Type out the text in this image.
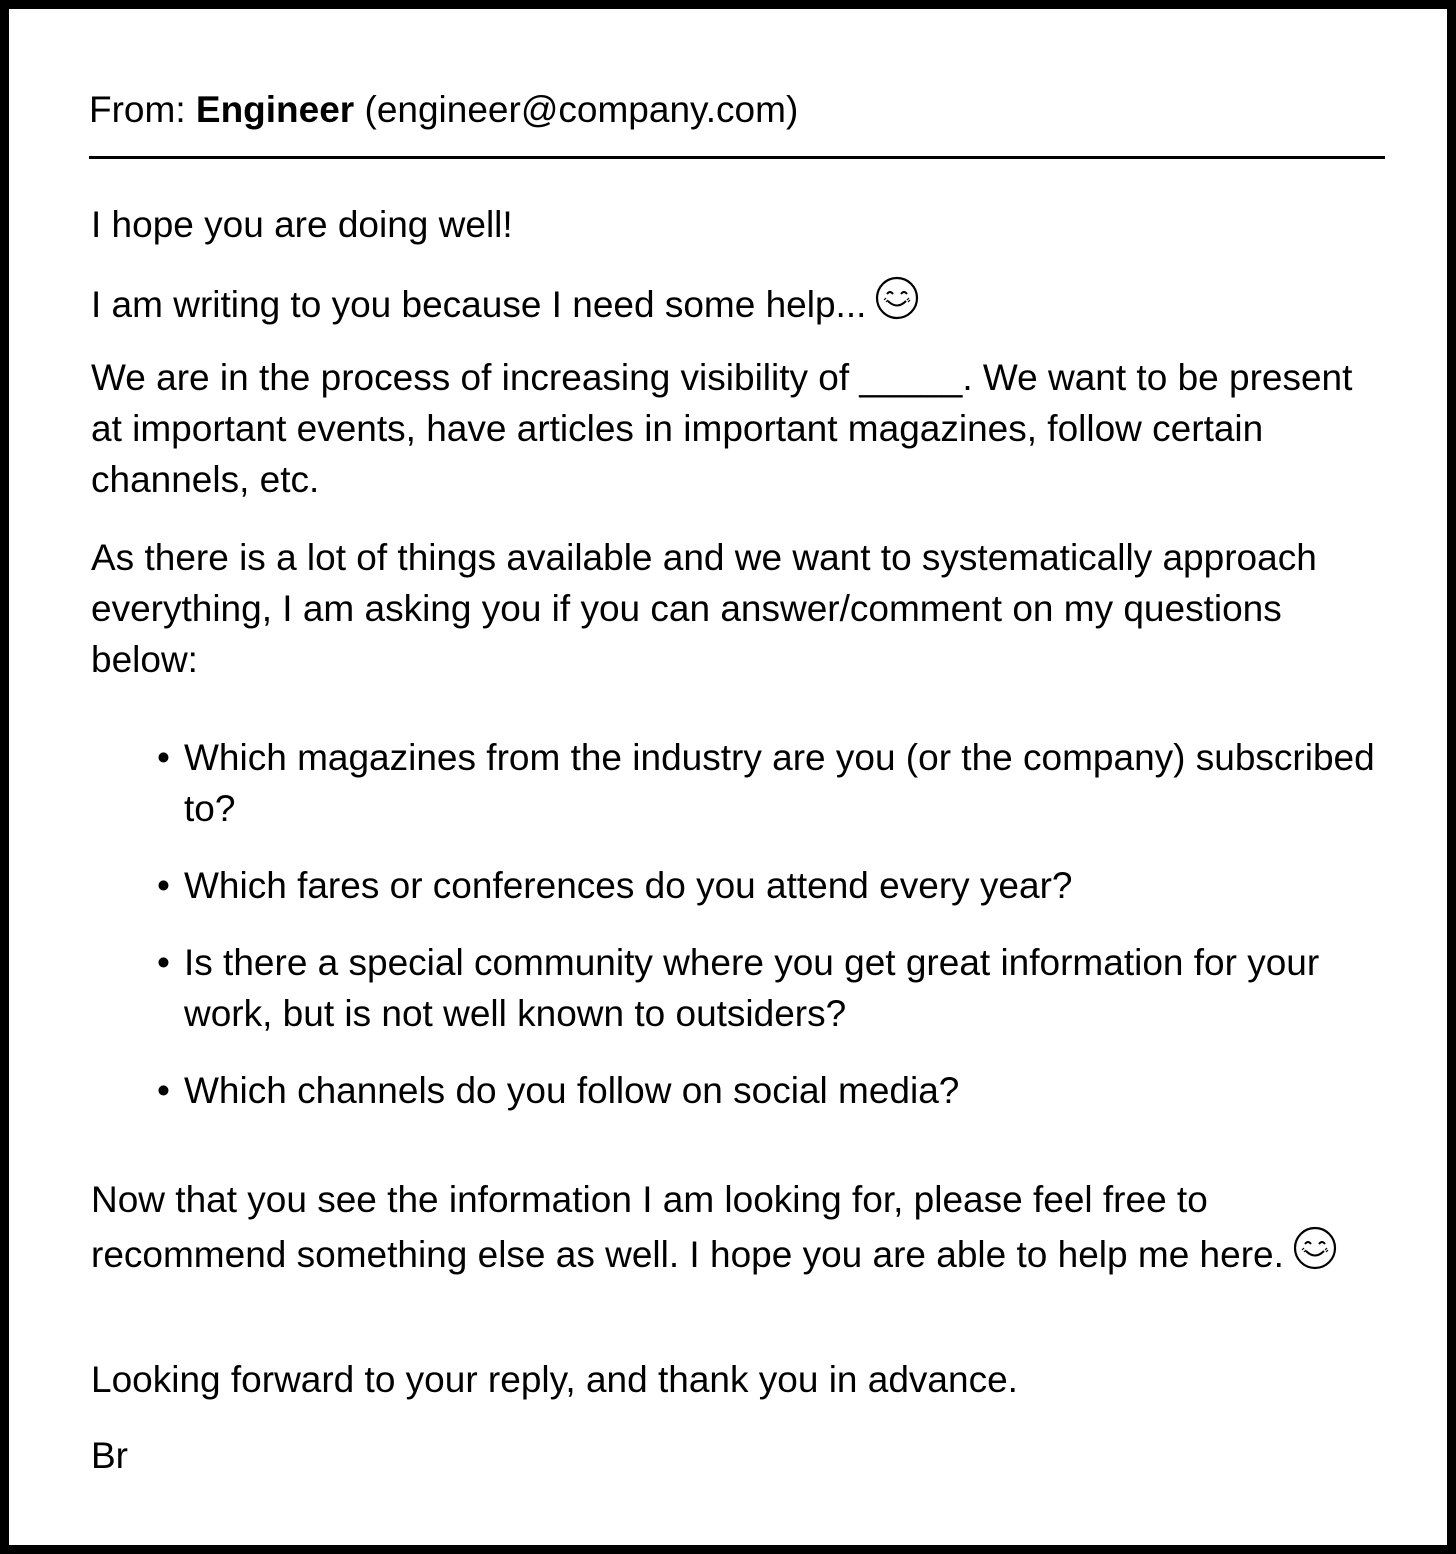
From: Engineer (engineer@company.com)

I hope you are doing well!

I am writing to you because I need some help...

We are in the process of increasing visibility of _____. We want to be present at important events, have articles in important magazines, follow certain channels, etc.

As there is a lot of things available and we want to systematically approach everything, I am asking you if you can answer/comment on my questions below:

• Which magazines from the industry are you (or the company) subscribed to?
• Which fares or conferences do you attend every year?
• Is there a special community where you get great information for your work, but is not well known to outsiders?
• Which channels do you follow on social media?

Now that you see the information I am looking for, please feel free to recommend something else as well. I hope you are able to help me here.

Looking forward to your reply, and thank you in advance.

Br
